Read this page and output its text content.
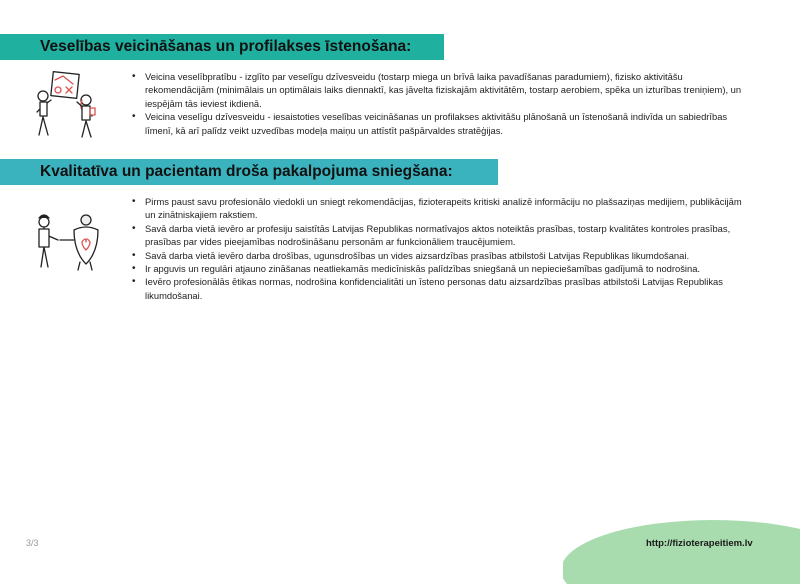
Veselības veicināšanas un profilakses īstenošana:
• Veicina veselībpratību - izglīto par veselīgu dzīvesveidu (tostarp miega un brīvā laika pavadīšanas paradumiem), fizisko aktivitāšu rekomendācijām (minimālais un optimālais laiks diennaktī, kas jāvelta fiziskajām aktivitātēm, tostarp aerobiem, spēka un izturības treniņiem), un iespējām tās ieviest ikdienā.
• Veicina veselīgu dzīvesveidu - iesaistoties veselības veicināšanas un profilakses aktivitāšu plānošanā un īstenošanā indivīda un sabiedrības līmenī, kā arī palīdz veikt uzvedības modeļa maiņu un attīstīt pašpārvaldes stratēģijas.
Kvalitatīva un pacientam droša pakalpojuma sniegšana:
• Pirms paust savu profesionālo viedokli un sniegt rekomendācijas, fizioterapeits kritiski analizē informāciju no plašsaziņas medijiem, publikācijām un zinātniskajiem rakstiem.
• Savā darba vietā ievēro ar profesiju saistītās Latvijas Republikas normatīvajos aktos noteiktās prasības, tostarp kvalitātes kontroles prasības, prasības par vides pieejamības nodrošināšanu personām ar funkcionāliem traucējumiem.
• Savā darba vietā ievēro darba drošības, ugunsdrošības un vides aizsardzības prasības atbilstoši Latvijas Republikas likumdošanai.
• Ir apguvis un regulāri atjauno zināšanas neatliekamās medicīniskās palīdzības sniegšanā un nepieciešamības gadījumā to nodrošina.
• Ievēro profesionālās ētikas normas, nodrošina konfidencialitāti un īsteno personas datu aizsardzības prasības atbilstoši Latvijas Republikas likumdošanai.
3/3	http://fizioterapeitiem.lv
